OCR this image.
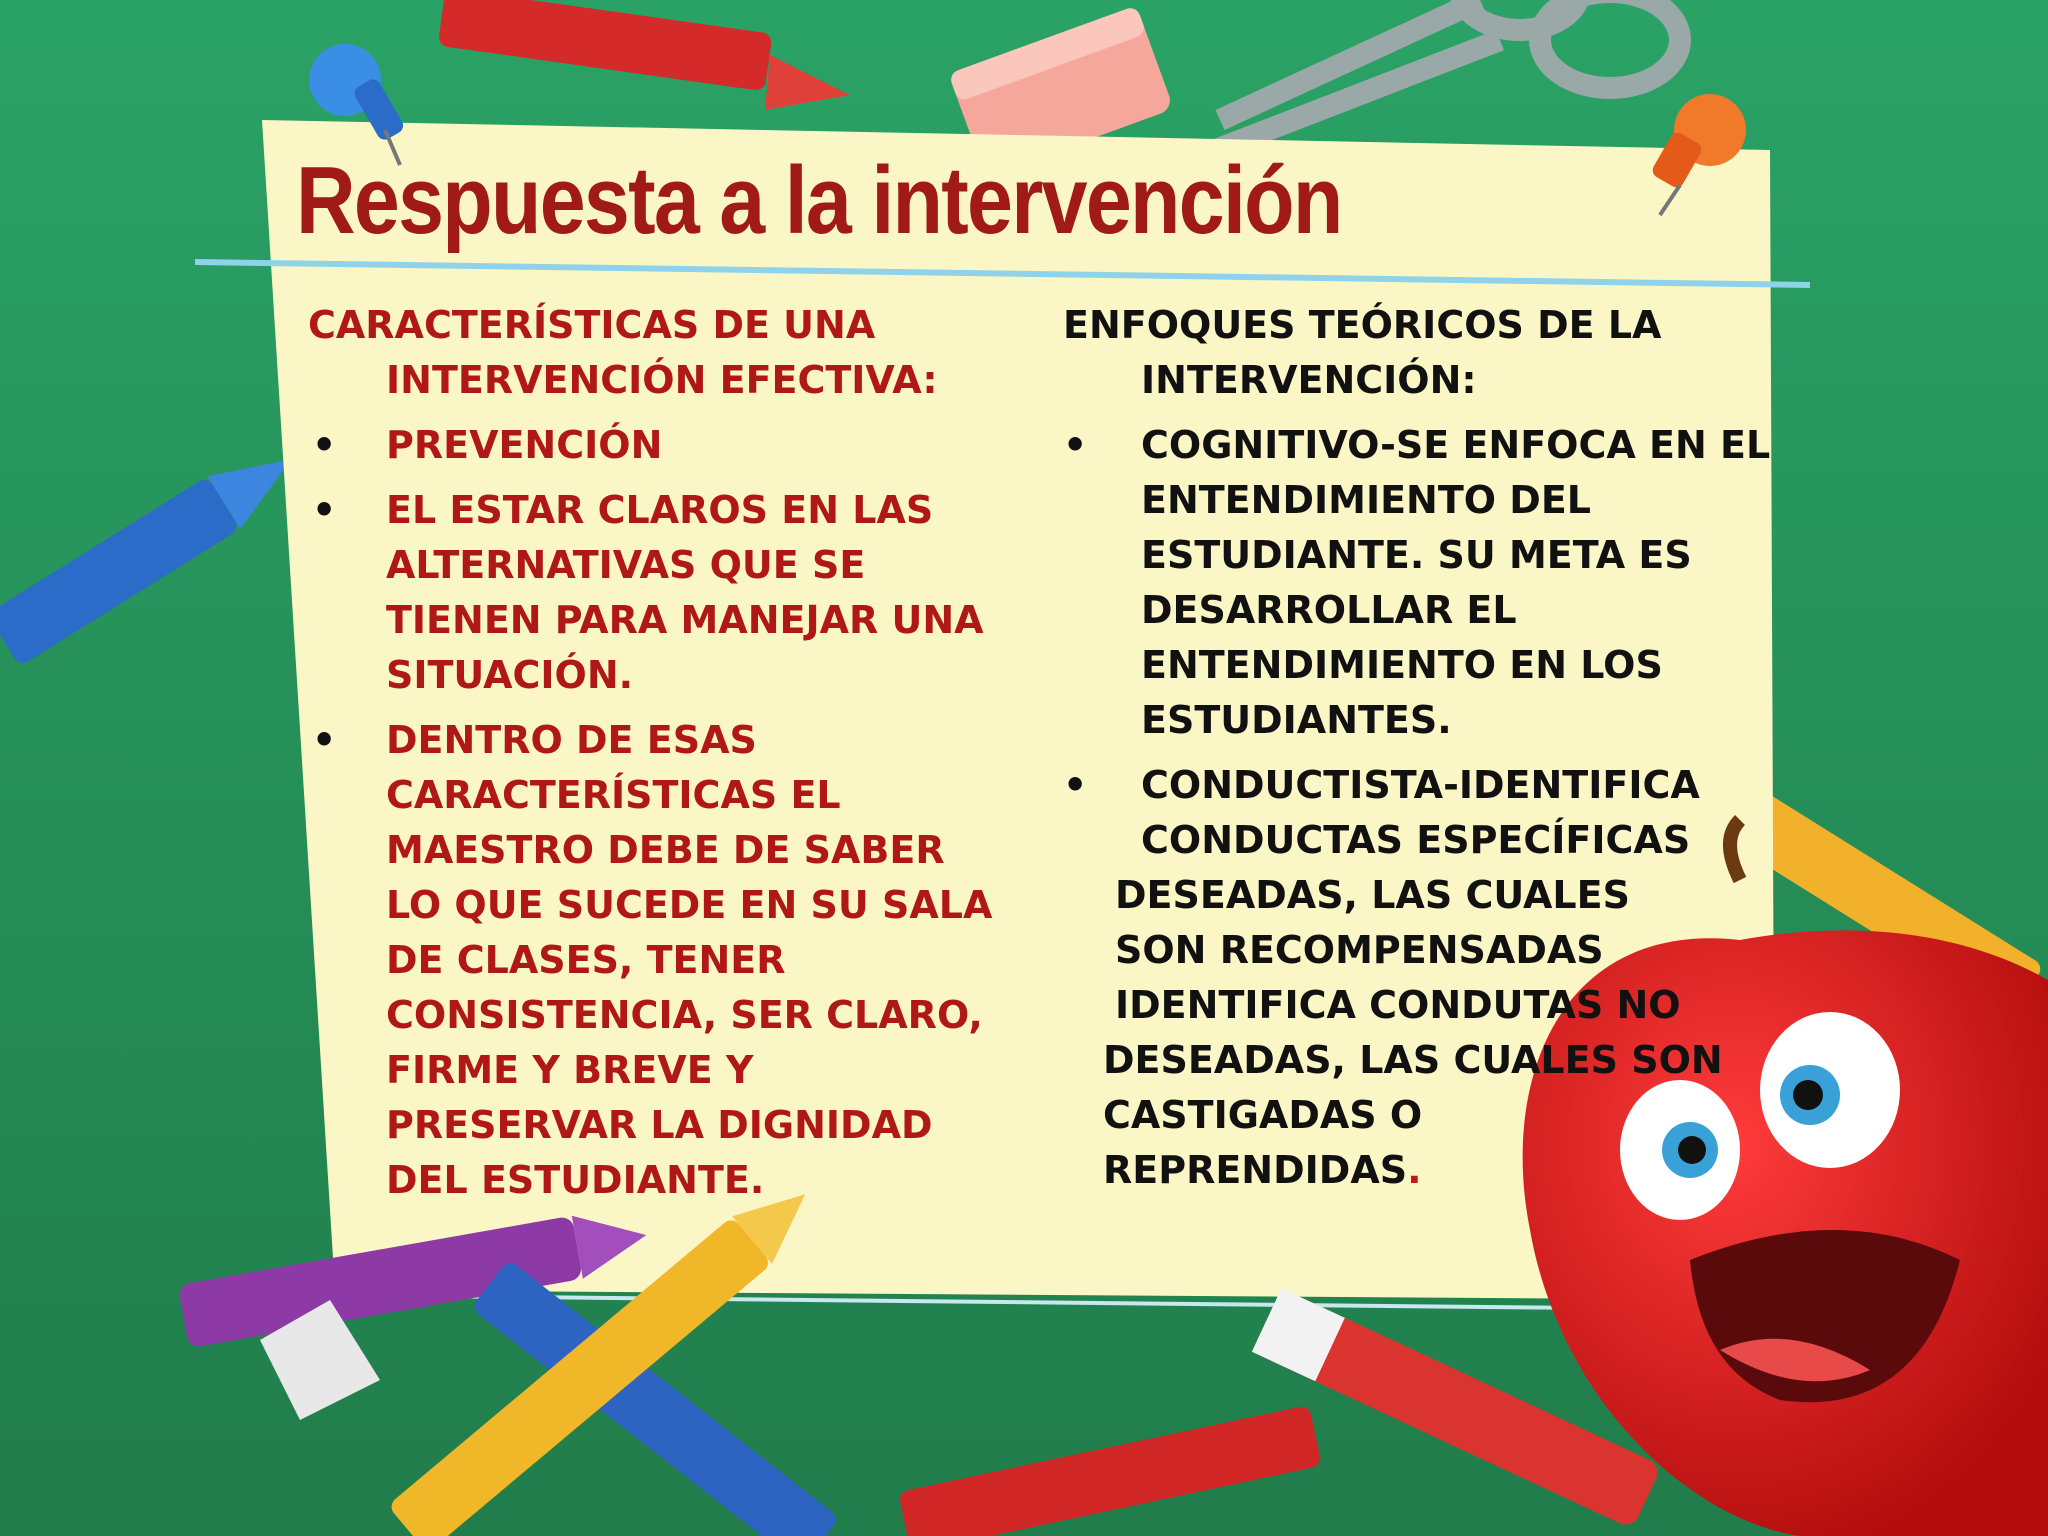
Respuesta a la intervención

CARACTERÍSTICAS DE UNA INTERVENCIÓN EFECTIVA:

• PREVENCIÓN
• EL ESTAR CLAROS EN LAS ALTERNATIVAS QUE SE TIENEN PARA MANEJAR UNA SITUACIÓN.
• DENTRO DE ESAS CARACTERÍSTICAS EL MAESTRO DEBE DE SABER LO QUE SUCEDE EN SU SALA DE CLASES, TENER CONSISTENCIA, SER CLARO, FIRME Y BREVE Y PRESERVAR LA DIGNIDAD DEL ESTUDIANTE.

ENFOQUES TEÓRICOS DE LA INTERVENCIÓN:

• COGNITIVO-SE ENFOCA EN EL ENTENDIMIENTO DEL ESTUDIANTE. SU META ES DESARROLLAR EL ENTENDIMIENTO EN LOS ESTUDIANTES.
• CONDUCTISTA-IDENTIFICA CONDUCTAS ESPECÍFICAS

DESEADAS, LAS CUALES

SON RECOMPENSADAS

IDENTIFICA CONDUTAS NO

DESEADAS, LAS CUALES SON

CASTIGADAS O

REPRENDIDAS.
